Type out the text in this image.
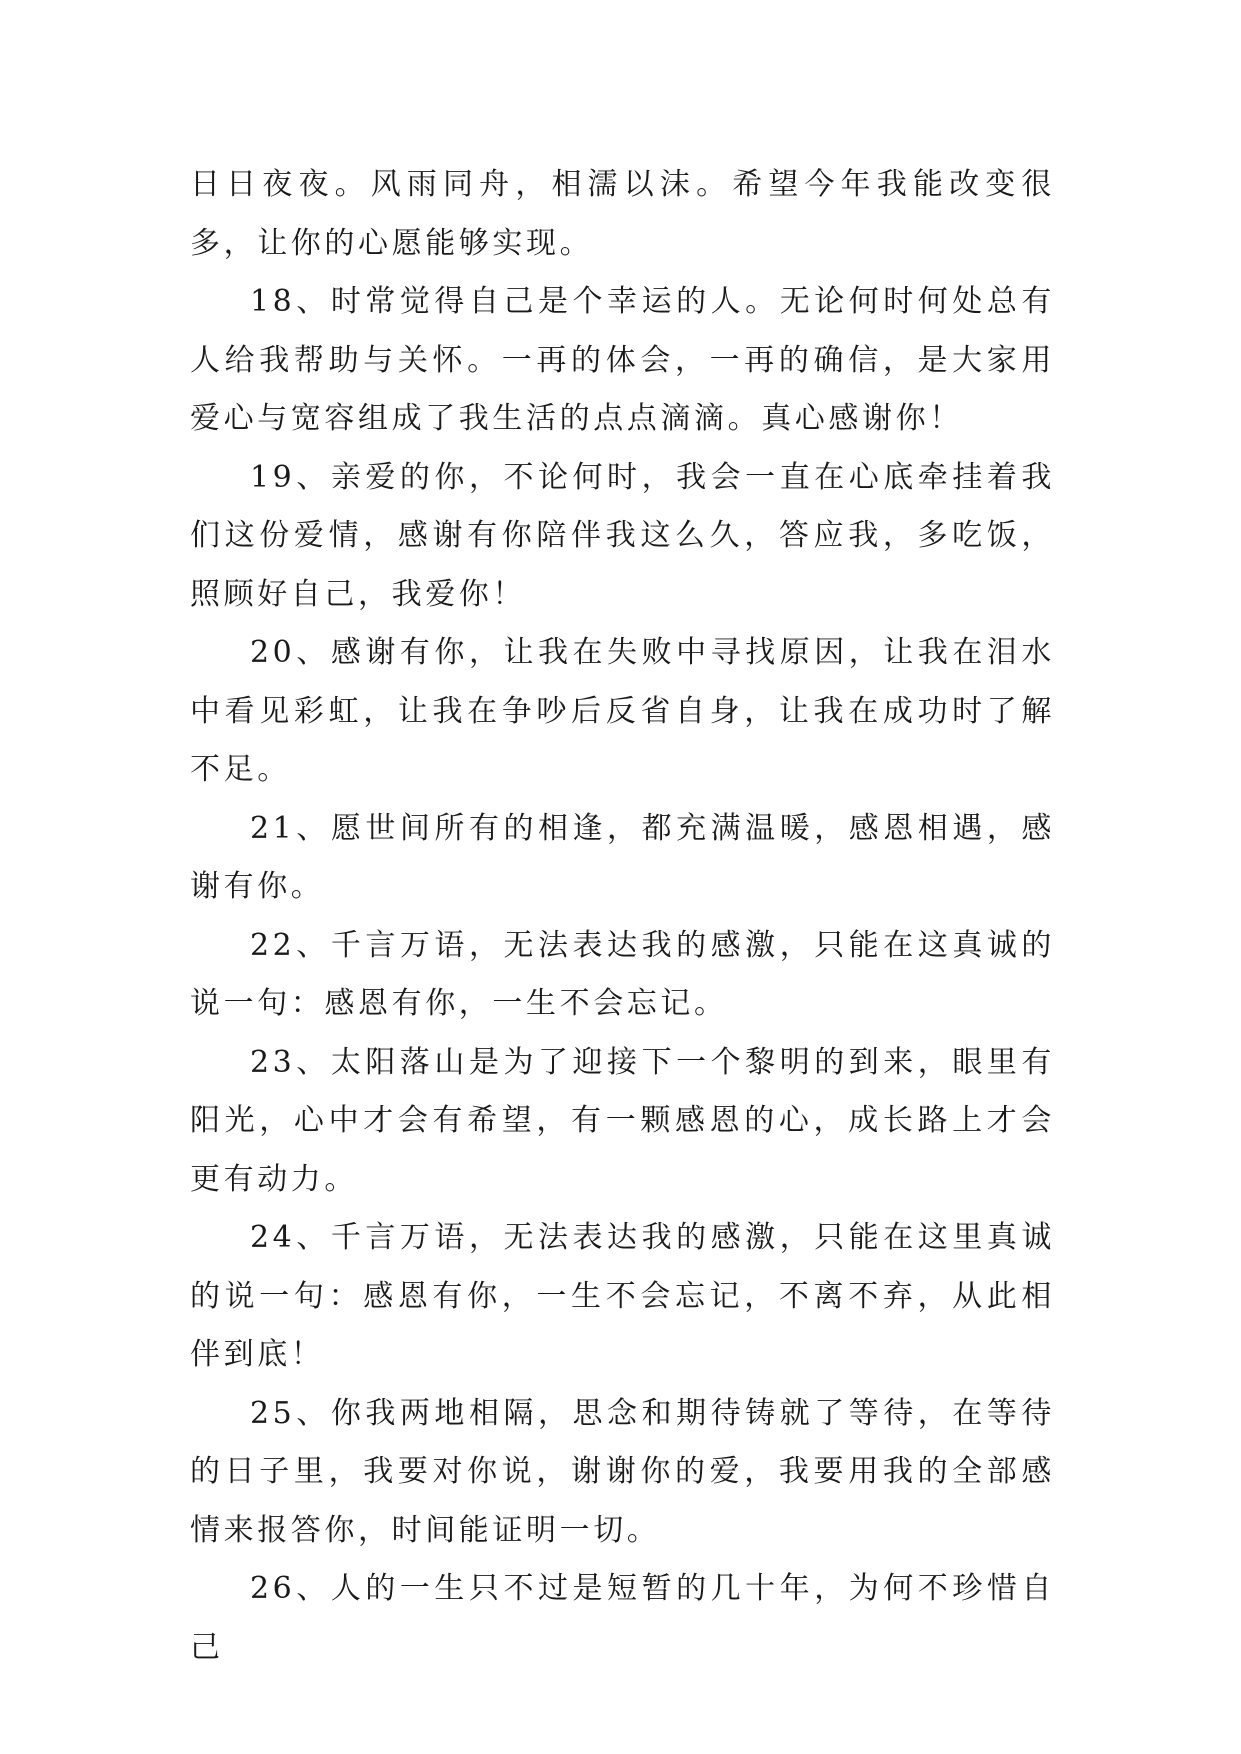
日日夜夜。风雨同舟，相濡以沫。希望今年我能改变很多，让你的心愿能够实现。

18、时常觉得自己是个幸运的人。无论何时何处总有人给我帮助与关怀。一再的体会，一再的确信，是大家用爱心与宽容组成了我生活的点点滴滴。真心感谢你！

19、亲爱的你，不论何时，我会一直在心底牵挂着我们这份爱情，感谢有你陪伴我这么久，答应我，多吃饭，照顾好自己，我爱你！

20、感谢有你，让我在失败中寻找原因，让我在泪水中看见彩虹，让我在争吵后反省自身，让我在成功时了解不足。

21、愿世间所有的相逢，都充满温暖，感恩相遇，感谢有你。

22、千言万语，无法表达我的感激，只能在这真诚的说一句：感恩有你，一生不会忘记。

23、太阳落山是为了迎接下一个黎明的到来，眼里有阳光，心中才会有希望，有一颗感恩的心，成长路上才会更有动力。

24、千言万语，无法表达我的感激，只能在这里真诚的说一句：感恩有你，一生不会忘记，不离不弃，从此相伴到底！

25、你我两地相隔，思念和期待铸就了等待，在等待的日子里，我要对你说，谢谢你的爱，我要用我的全部感情来报答你，时间能证明一切。

26、人的一生只不过是短暂的几十年，为何不珍惜自己
